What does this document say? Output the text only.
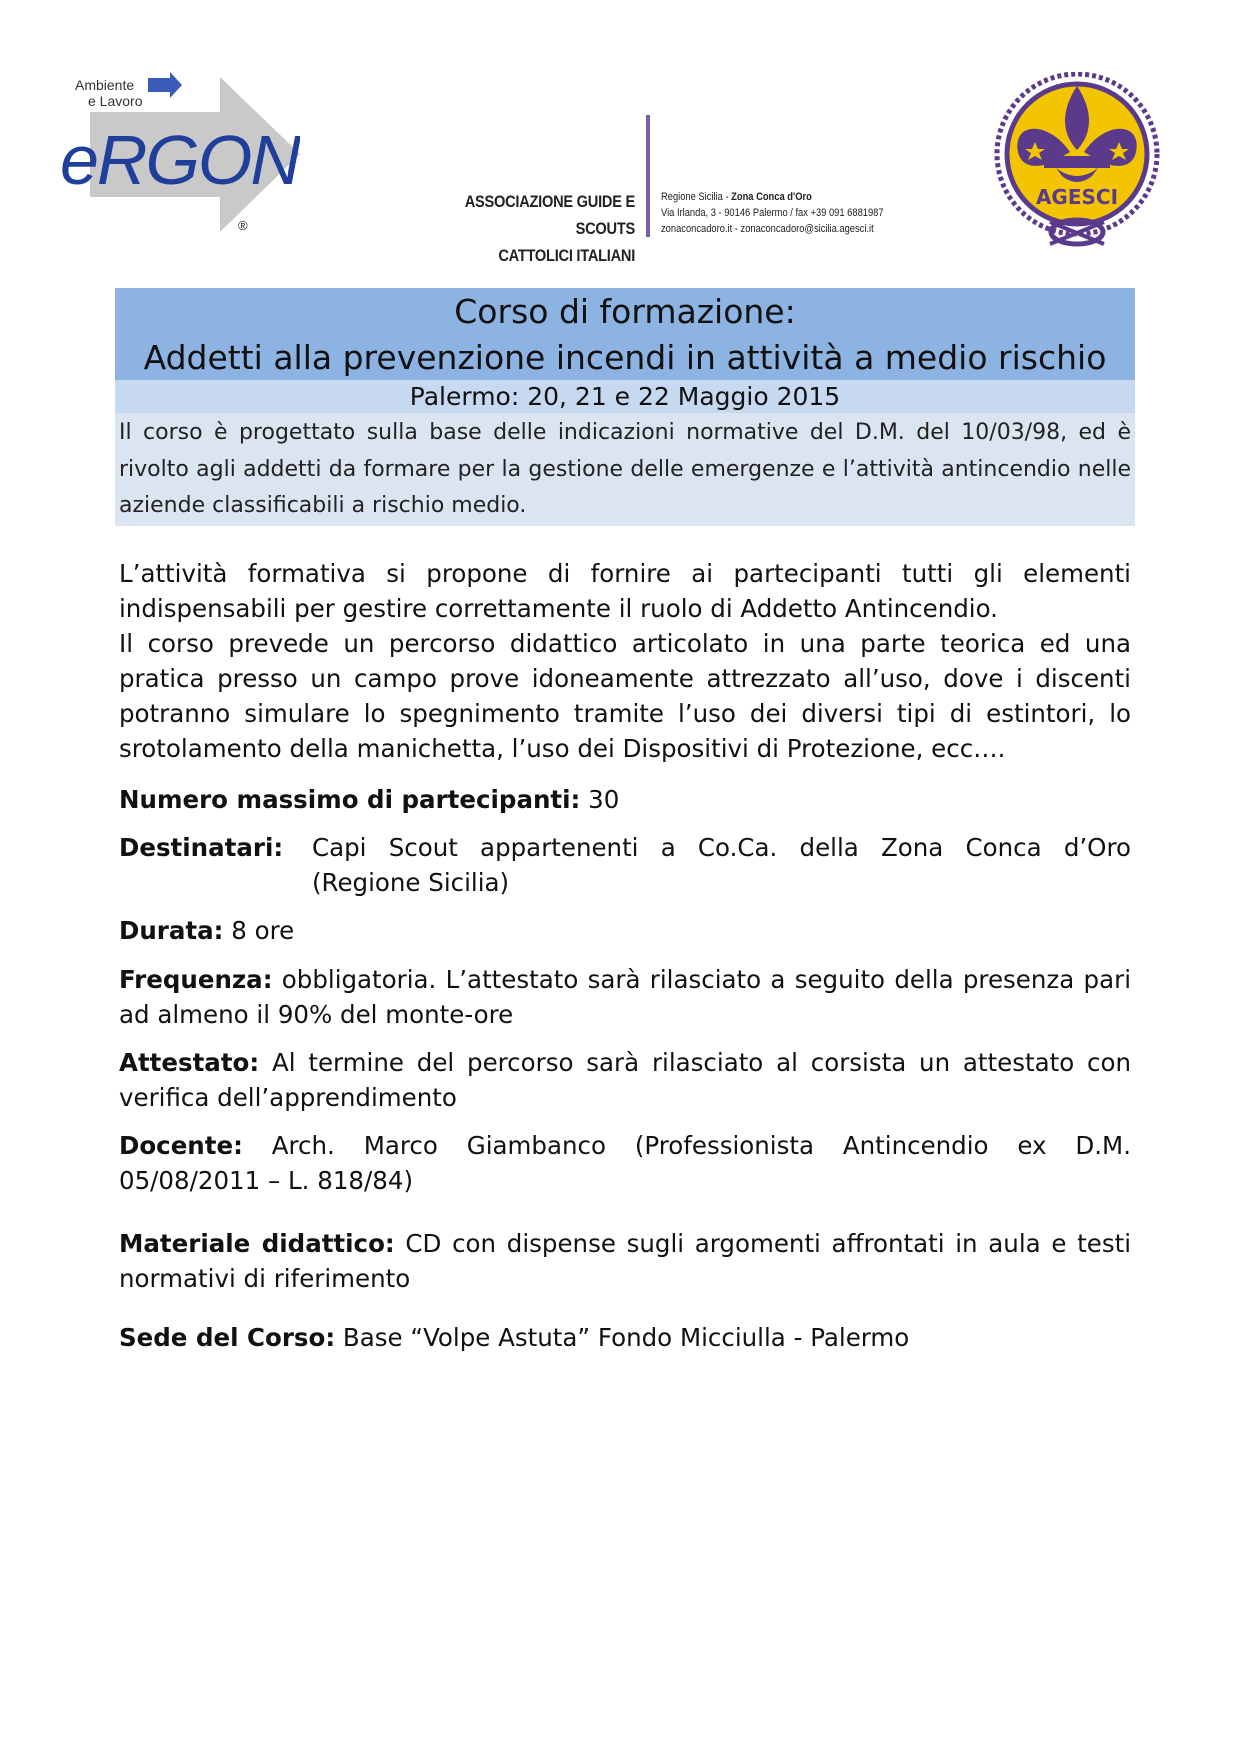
Ambiente
e Lavoro
eRGON
®
ASSOCIAZIONE GUIDE E SCOUTS
CATTOLICI ITALIANI
Regione Sicilia - Zona Conca d'Oro
Via Irlanda, 3 - 90146 Palermo / fax +39 091 6881987
zonaconcadoro.it - zonaconcadoro@sicilia.agesci.it
AGESCI
Corso di formazione:
Addetti alla prevenzione incendi in attività a medio rischio
Palermo: 20, 21 e 22 Maggio 2015
Il corso è progettato sulla base delle indicazioni normative del D.M. del 10/03/98, ed è rivolto agli addetti da formare per la gestione delle emergenze e l’attività antincendio nelle aziende classificabili a rischio medio.
L’attività formativa si propone di fornire ai partecipanti tutti gli elementi indispensabili per gestire correttamente il ruolo di Addetto Antincendio.
Il corso prevede un percorso didattico articolato in una parte teorica ed una pratica presso un campo prove idoneamente attrezzato all’uso, dove i discenti potranno simulare lo spegnimento tramite l’uso dei diversi tipi di estintori, lo srotolamento della manichetta, l’uso dei Dispositivi di Protezione, ecc….
Numero massimo di partecipanti: 30
Destinatari: Capi Scout appartenenti a Co.Ca. della Zona Conca d’Oro (Regione Sicilia)
Durata: 8 ore
Frequenza: obbligatoria. L’attestato sarà rilasciato a seguito della presenza pari ad almeno il 90% del monte-ore
Attestato: Al termine del percorso sarà rilasciato al corsista un attestato con verifica dell’apprendimento
Docente: Arch. Marco Giambanco (Professionista Antincendio ex D.M. 05/08/2011 – L. 818/84)
Materiale didattico: CD con dispense sugli argomenti affrontati in aula e testi normativi di riferimento
Sede del Corso: Base “Volpe Astuta” Fondo Micciulla - Palermo
